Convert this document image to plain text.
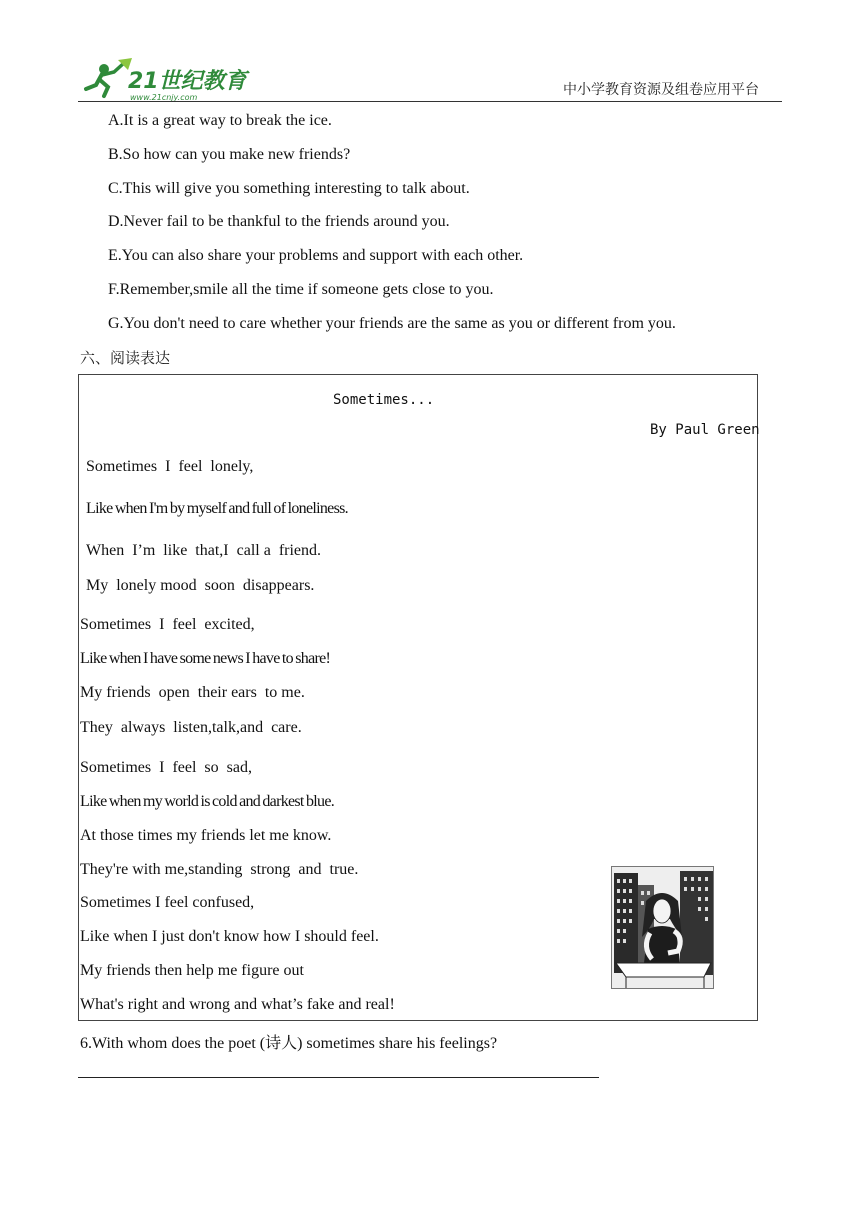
21世纪教育
www.21cnjy.com	中小学教育资源及组卷应用平台
A.It is a great way to break the ice.
B.So how can you make new friends?
C.This will give you something interesting to talk about.
D.Never fail to be thankful to the friends around you.
E.You can also share your problems and support with each other.
F.Remember,smile all the time if someone gets close to you.
G.You don't need to care whether your friends are the same as you or different from you.
六、阅读表达
Sometimes...
By Paul Green
Sometimes  I  feel  lonely,
Like when I'm by myself and full of loneliness.
When  I’m  like  that,I  call a  friend.
My  lonely mood  soon  disappears.
Sometimes  I  feel  excited,
Like when I have some news I have to share!
My friends  open  their ears  to me.
They  always  listen,talk,and  care.
Sometimes  I  feel  so  sad,
Like when my world is cold and darkest blue.
At those times my friends let me know.
They're with me,standing  strong  and  true.
Sometimes I feel confused,
Like when I just don't know how I should feel.
My friends then help me figure out
What's right and wrong and what’s fake and real!
6.With whom does the poet (诗人) sometimes share his feelings?
